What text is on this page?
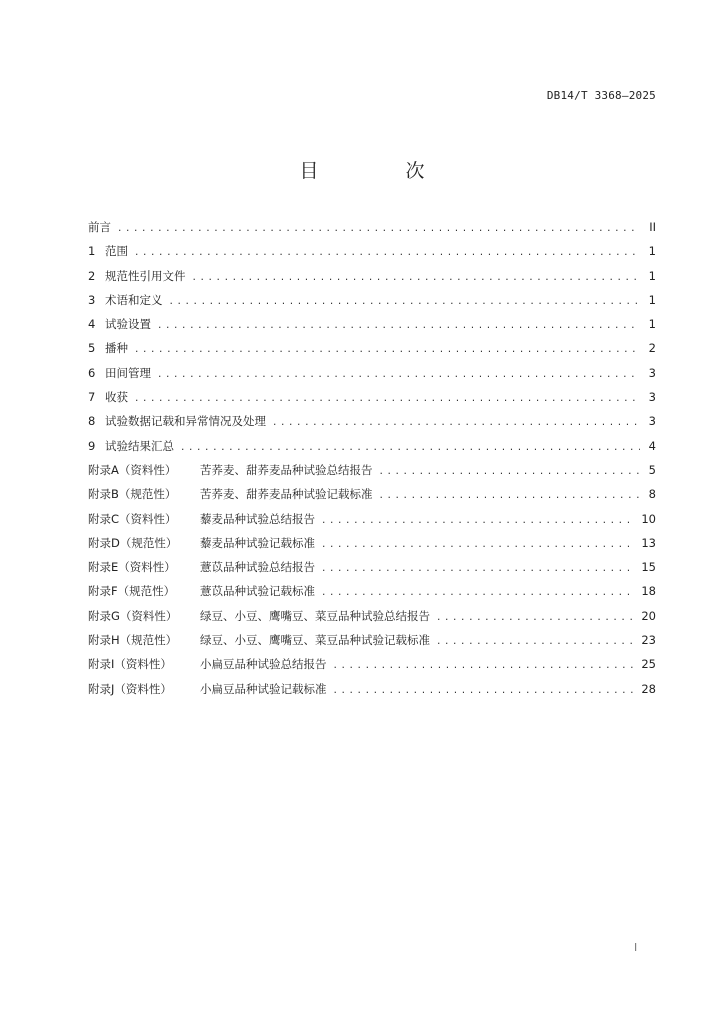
DB14/T 3368—2025
目　次
前言 .....	II
1 范围 .....	1
2 规范性引用文件 .....	1
3 术语和定义 .....	1
4 试验设置 .....	1
5 播种 .....	2
6 田间管理 .....	3
7 收获 .....	3
8 试验数据记载和异常情况及处理 .....	3
9 试验结果汇总 .....	4
附录A（资料性）	苦荞麦、甜荞麦品种试验总结报告 .....	5
附录B（规范性）	苦荞麦、甜荞麦品种试验记载标准 .....	8
附录C（资料性）	藜麦品种试验总结报告 .....	10
附录D（规范性）	藜麦品种试验记载标准 .....	13
附录E（资料性）	薏苡品种试验总结报告 .....	15
附录F（规范性）	薏苡品种试验记载标准 .....	18
附录G（资料性）	绿豆、小豆、鹰嘴豆、菜豆品种试验总结报告 .....	20
附录H（规范性）	绿豆、小豆、鹰嘴豆、菜豆品种试验记载标准 .....	23
附录I（资料性）	小扁豆品种试验总结报告 .....	25
附录J（资料性）	小扁豆品种试验记载标准 .....	28
I
